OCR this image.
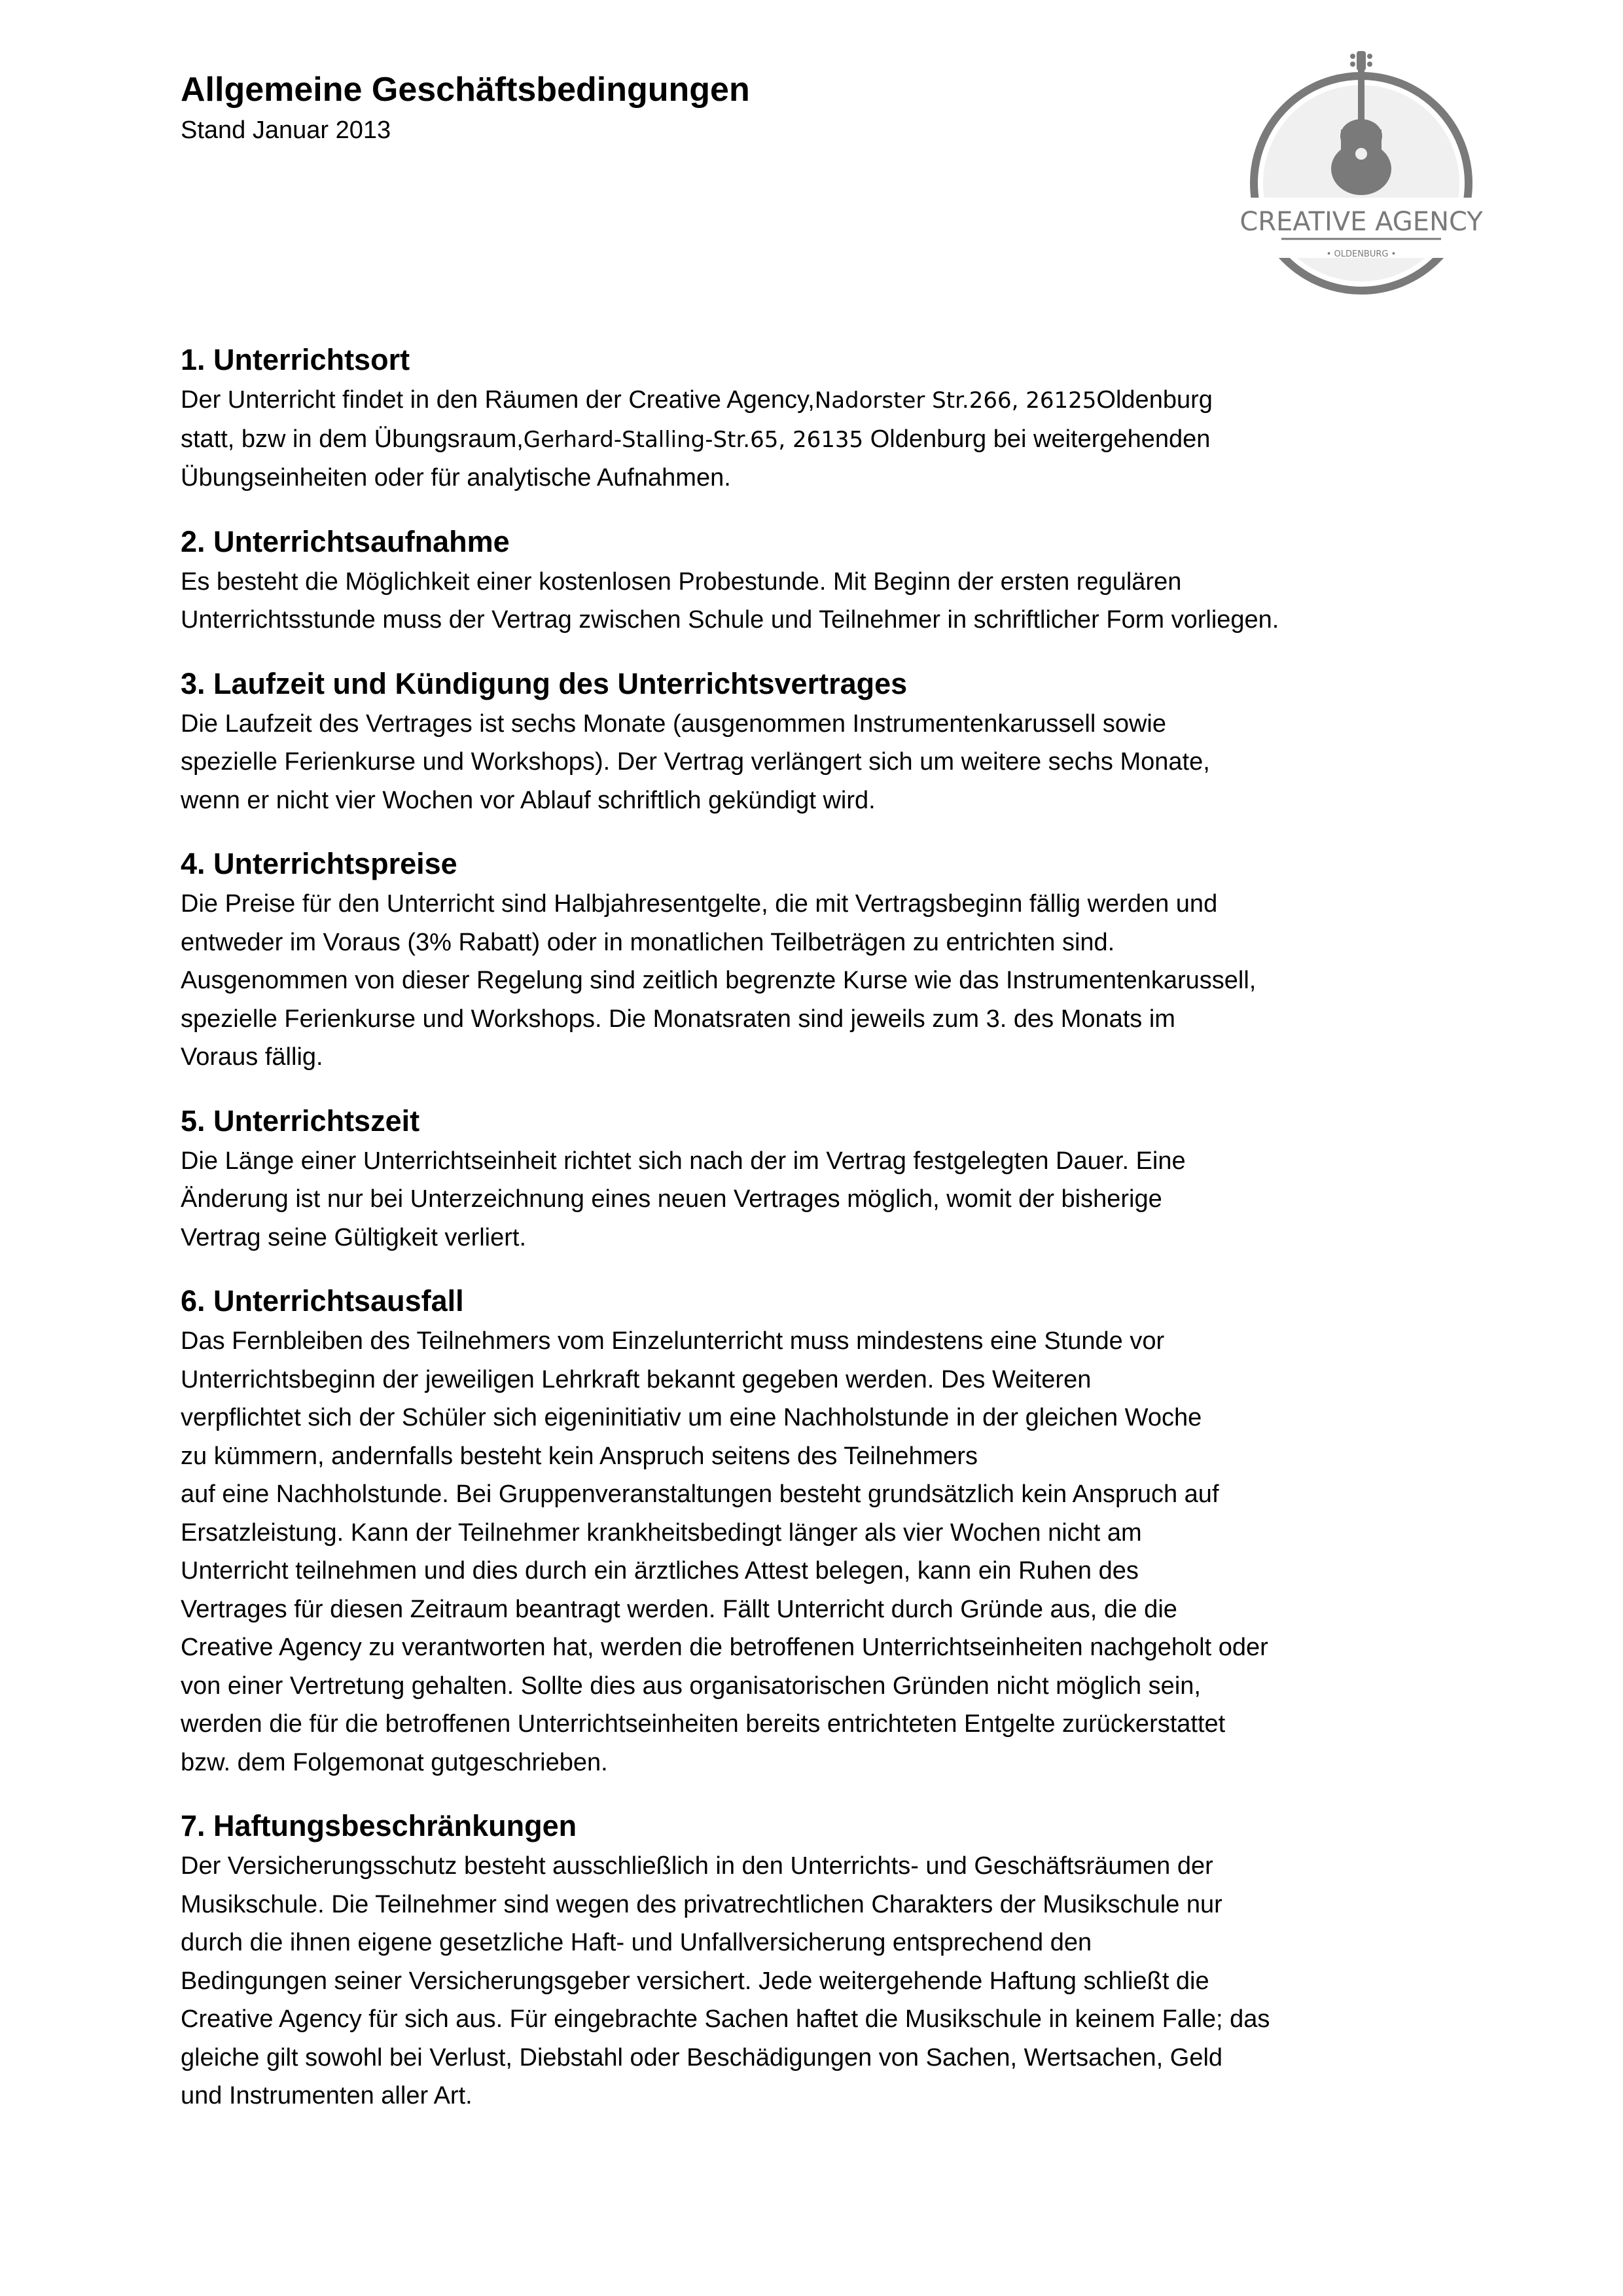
Allgemeine Geschäftsbedingungen

Stand Januar 2013

CREATIVE AGENCY
• OLDENBURG •
1. Unterrichtsort

Der Unterricht findet in den Räumen der Creative Agency,Nadorster Str.266, 26125Oldenburg
statt, bzw in dem Übungsraum,Gerhard-Stalling-Str.65, 26135 Oldenburg bei weitergehenden
Übungseinheiten oder für analytische Aufnahmen.

2. Unterrichtsaufnahme

Es besteht die Möglichkeit einer kostenlosen Probestunde. Mit Beginn der ersten regulären
Unterrichtsstunde muss der Vertrag zwischen Schule und Teilnehmer in schriftlicher Form vorliegen.

3. Laufzeit und Kündigung des Unterrichtsvertrages

Die Laufzeit des Vertrages ist sechs Monate (ausgenommen Instrumentenkarussell sowie
spezielle Ferienkurse und Workshops). Der Vertrag verlängert sich um weitere sechs Monate,
wenn er nicht vier Wochen vor Ablauf schriftlich gekündigt wird.

4. Unterrichtspreise

Die Preise für den Unterricht sind Halbjahresentgelte, die mit Vertragsbeginn fällig werden und
entweder im Voraus (3% Rabatt) oder in monatlichen Teilbeträgen zu entrichten sind.
Ausgenommen von dieser Regelung sind zeitlich begrenzte Kurse wie das Instrumentenkarussell,
spezielle Ferienkurse und Workshops. Die Monatsraten sind jeweils zum 3. des Monats im
Voraus fällig.

5. Unterrichtszeit

Die Länge einer Unterrichtseinheit richtet sich nach der im Vertrag festgelegten Dauer. Eine
Änderung ist nur bei Unterzeichnung eines neuen Vertrages möglich, womit der bisherige
Vertrag seine Gültigkeit verliert.

6. Unterrichtsausfall

Das Fernbleiben des Teilnehmers vom Einzelunterricht muss mindestens eine Stunde vor
Unterrichtsbeginn der jeweiligen Lehrkraft bekannt gegeben werden. Des Weiteren
verpflichtet sich der Schüler sich eigeninitiativ um eine Nachholstunde in der gleichen Woche
zu kümmern, andernfalls besteht kein Anspruch seitens des Teilnehmers
auf eine Nachholstunde. Bei Gruppenveranstaltungen besteht grundsätzlich kein Anspruch auf
Ersatzleistung. Kann der Teilnehmer krankheitsbedingt länger als vier Wochen nicht am
Unterricht teilnehmen und dies durch ein ärztliches Attest belegen, kann ein Ruhen des
Vertrages für diesen Zeitraum beantragt werden. Fällt Unterricht durch Gründe aus, die die
Creative Agency zu verantworten hat, werden die betroffenen Unterrichtseinheiten nachgeholt oder
von einer Vertretung gehalten. Sollte dies aus organisatorischen Gründen nicht möglich sein,
werden die für die betroffenen Unterrichtseinheiten bereits entrichteten Entgelte zurückerstattet
bzw. dem Folgemonat gutgeschrieben.

7. Haftungsbeschränkungen

Der Versicherungsschutz besteht ausschließlich in den Unterrichts- und Geschäftsräumen der
Musikschule. Die Teilnehmer sind wegen des privatrechtlichen Charakters der Musikschule nur
durch die ihnen eigene gesetzliche Haft- und Unfallversicherung entsprechend den
Bedingungen seiner Versicherungsgeber versichert. Jede weitergehende Haftung schließt die
Creative Agency für sich aus. Für eingebrachte Sachen haftet die Musikschule in keinem Falle; das
gleiche gilt sowohl bei Verlust, Diebstahl oder Beschädigungen von Sachen, Wertsachen, Geld
und Instrumenten aller Art.
